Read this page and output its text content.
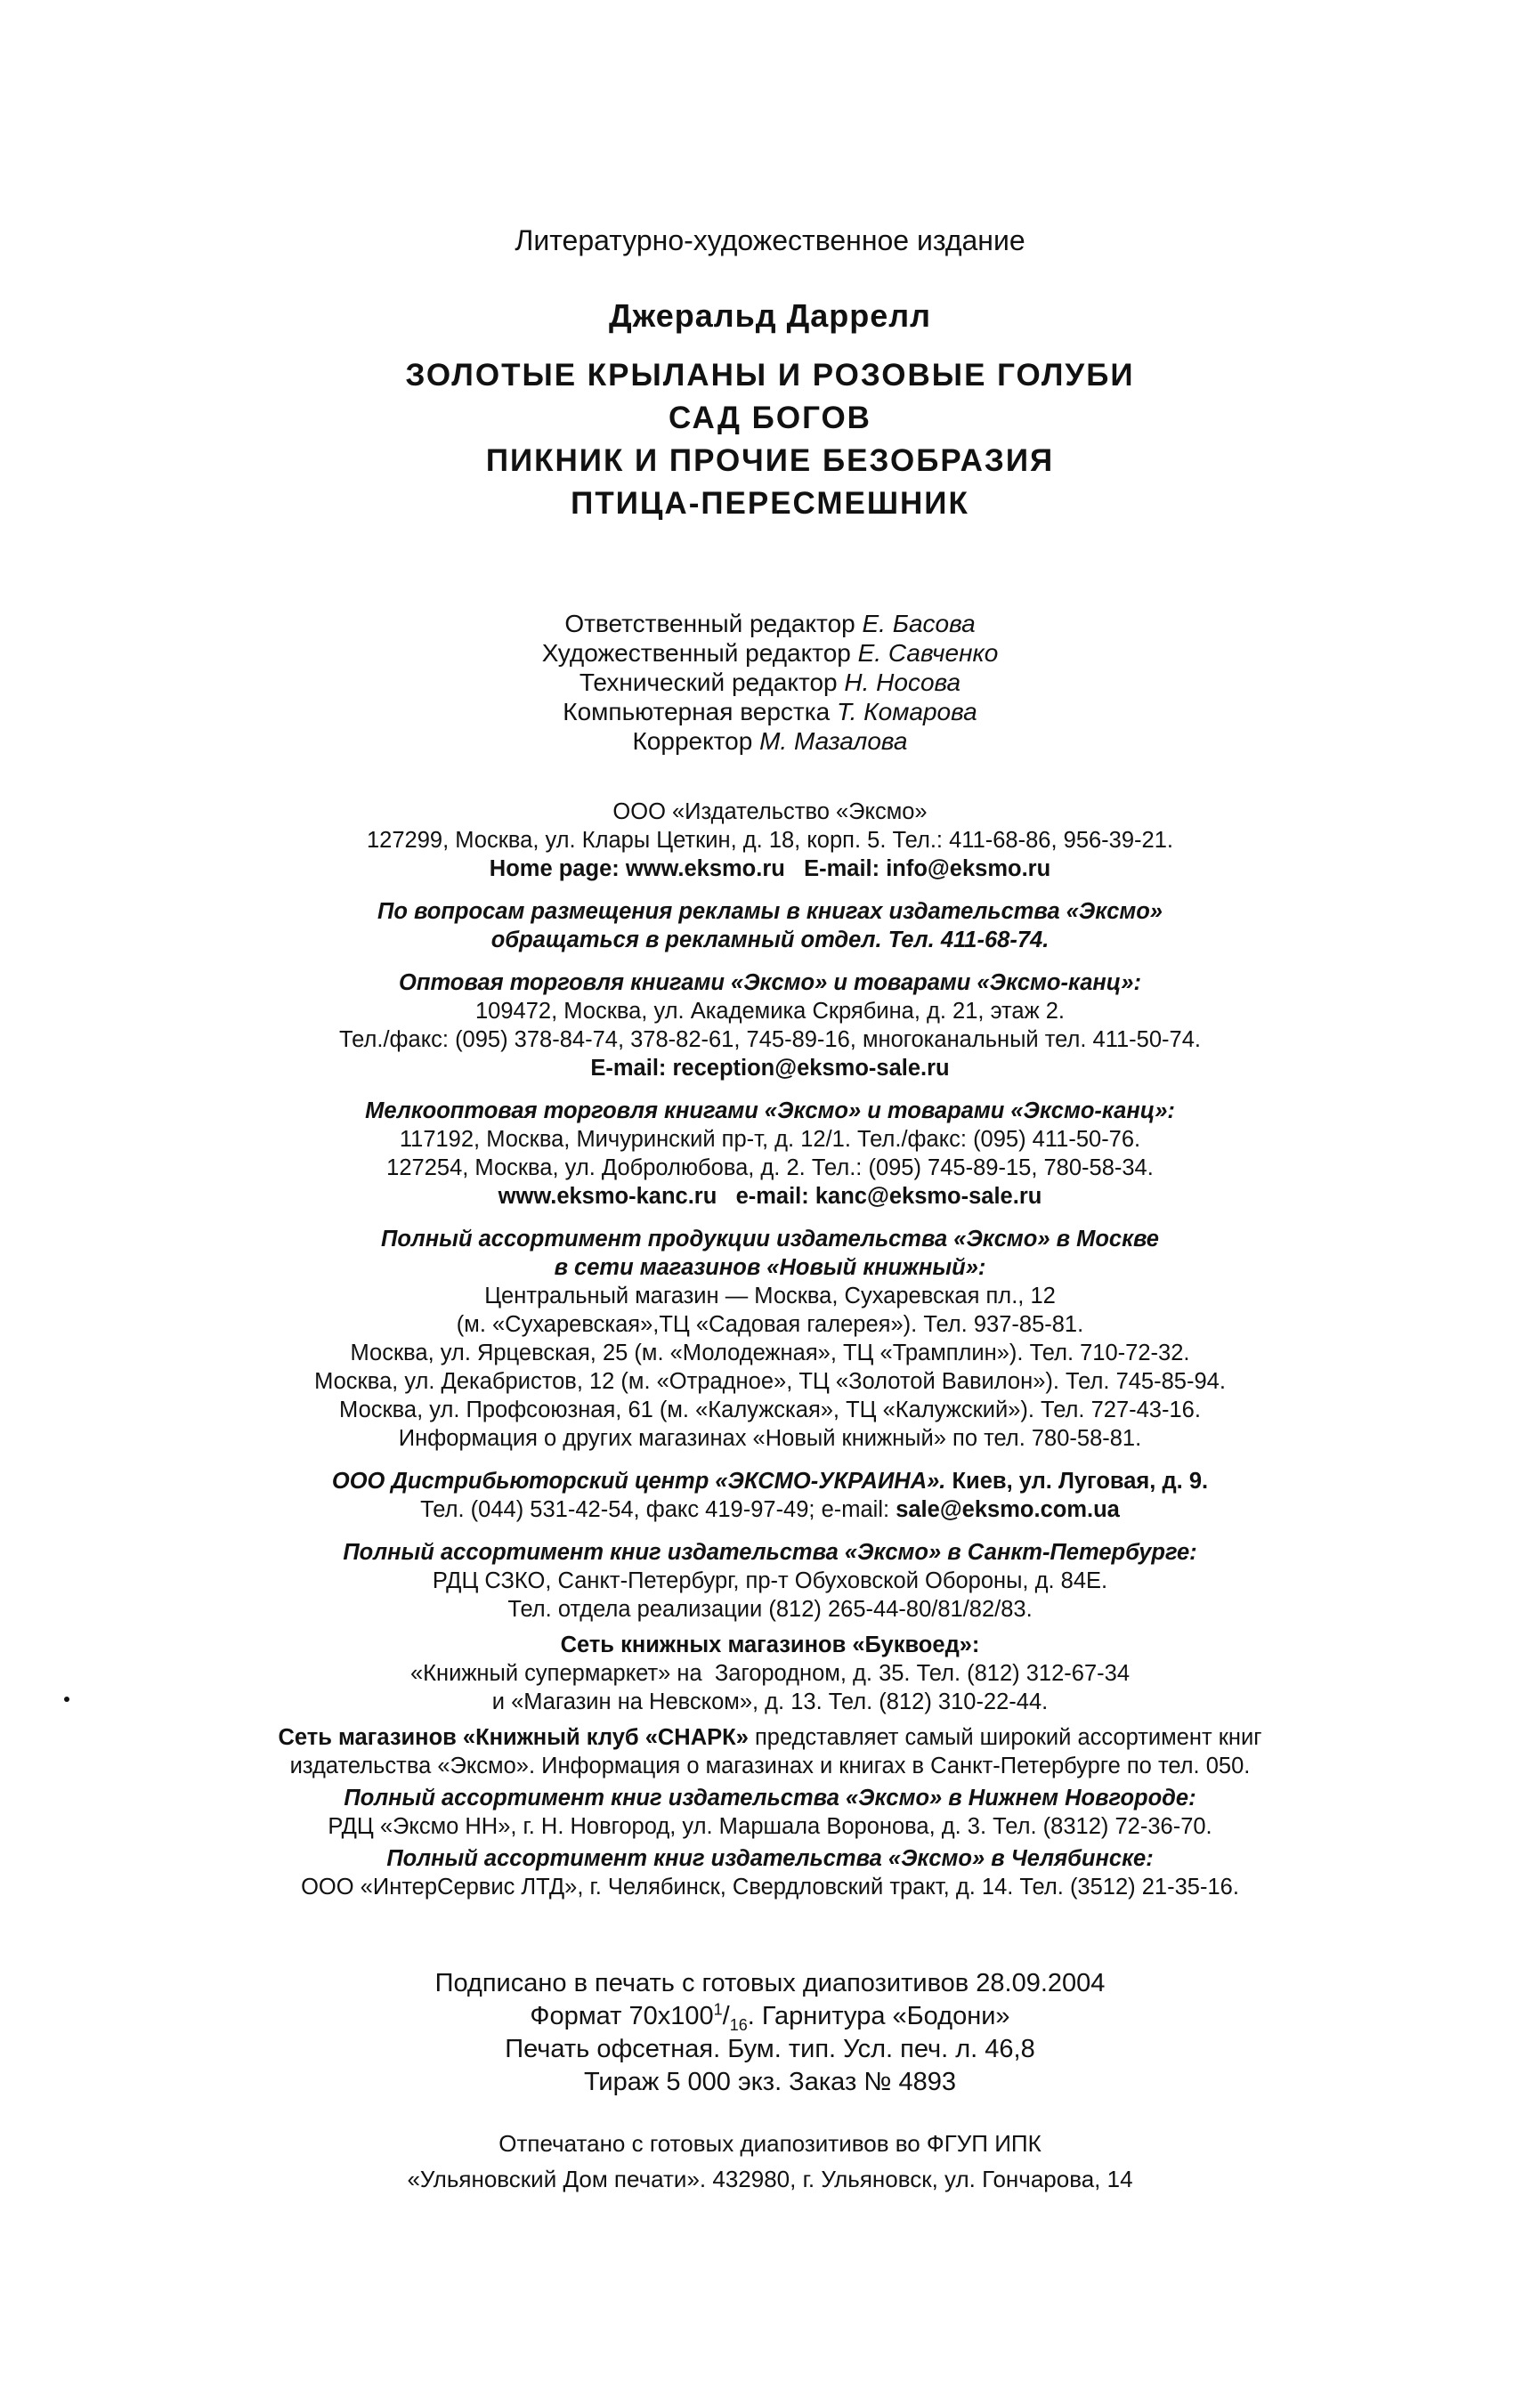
Литературно-художественное издание
Джеральд Даррелл
ЗОЛОТЫЕ КРЫЛАНЫ И РОЗОВЫЕ ГОЛУБИ
САД БОГОВ
ПИКНИК И ПРОЧИЕ БЕЗОБРАЗИЯ
ПТИЦА-ПЕРЕСМЕШНИК
Ответственный редактор Е. Басова
Художественный редактор Е. Савченко
Технический редактор Н. Носова
Компьютерная верстка Т. Комарова
Корректор М. Мазалова
ООО «Издательство «Эксмо»
127299, Москва, ул. Клары Цеткин, д. 18, корп. 5. Тел.: 411-68-86, 956-39-21.
Home page: www.eksmo.ru   E-mail: info@eksmo.ru
По вопросам размещения рекламы в книгах издательства «Эксмо»
обращаться в рекламный отдел. Тел. 411-68-74.
Оптовая торговля книгами «Эксмо» и товарами «Эксмо-канц»:
109472, Москва, ул. Академика Скрябина, д. 21, этаж 2.
Тел./факс: (095) 378-84-74, 378-82-61, 745-89-16, многоканальный тел. 411-50-74.
E-mail: reception@eksmo-sale.ru
Мелкооптовая торговля книгами «Эксмо» и товарами «Эксмо-канц»:
117192, Москва, Мичуринский пр-т, д. 12/1. Тел./факс: (095) 411-50-76.
127254, Москва, ул. Добролюбова, д. 2. Тел.: (095) 745-89-15, 780-58-34.
www.eksmo-kanc.ru   e-mail: kanc@eksmo-sale.ru
Полный ассортимент продукции издательства «Эксмо» в Москве
в сети магазинов «Новый книжный»:
Центральный магазин — Москва, Сухаревская пл., 12
(м. «Сухаревская»,ТЦ «Садовая галерея»). Тел. 937-85-81.
Москва, ул. Ярцевская, 25 (м. «Молодежная», ТЦ «Трамплин»). Тел. 710-72-32.
Москва, ул. Декабристов, 12 (м. «Отрадное», ТЦ «Золотой Вавилон»). Тел. 745-85-94.
Москва, ул. Профсоюзная, 61 (м. «Калужская», ТЦ «Калужский»). Тел. 727-43-16.
Информация о других магазинах «Новый книжный» по тел. 780-58-81.
ООО Дистрибьюторский центр «ЭКСМО-УКРАИНА». Киев, ул. Луговая, д. 9.
Тел. (044) 531-42-54, факс 419-97-49; e-mail: sale@eksmo.com.ua
Полный ассортимент книг издательства «Эксмо» в Санкт-Петербурге:
РДЦ СЗКО, Санкт-Петербург, пр-т Обуховской Обороны, д. 84Е.
Тел. отдела реализации (812) 265-44-80/81/82/83.
Сеть книжных магазинов «Буквоед»:
«Книжный супермаркет» на  Загородном, д. 35. Тел. (812) 312-67-34
и «Магазин на Невском», д. 13. Тел. (812) 310-22-44.
Сеть магазинов «Книжный клуб «СНАРК» представляет самый широкий ассортимент книг
издательства «Эксмо». Информация о магазинах и книгах в Санкт-Петербурге по тел. 050.
Полный ассортимент книг издательства «Эксмо» в Нижнем Новгороде:
РДЦ «Эксмо НН», г. Н. Новгород, ул. Маршала Воронова, д. 3. Тел. (8312) 72-36-70.
Полный ассортимент книг издательства «Эксмо» в Челябинске:
ООО «ИнтерСервис ЛТД», г. Челябинск, Свердловский тракт, д. 14. Тел. (3512) 21-35-16.
Подписано в печать с готовых диапозитивов 28.09.2004
Формат $70x100^1/_{16}$. Гарнитура «Бодони»
Печать офсетная. Бум. тип. Усл. печ. л. 46,8
Тираж 5 000 экз. Заказ № 4893
Отпечатано с готовых диапозитивов во ФГУП ИПК
«Ульяновский Дом печати». 432980, г. Ульяновск, ул. Гончарова, 14
